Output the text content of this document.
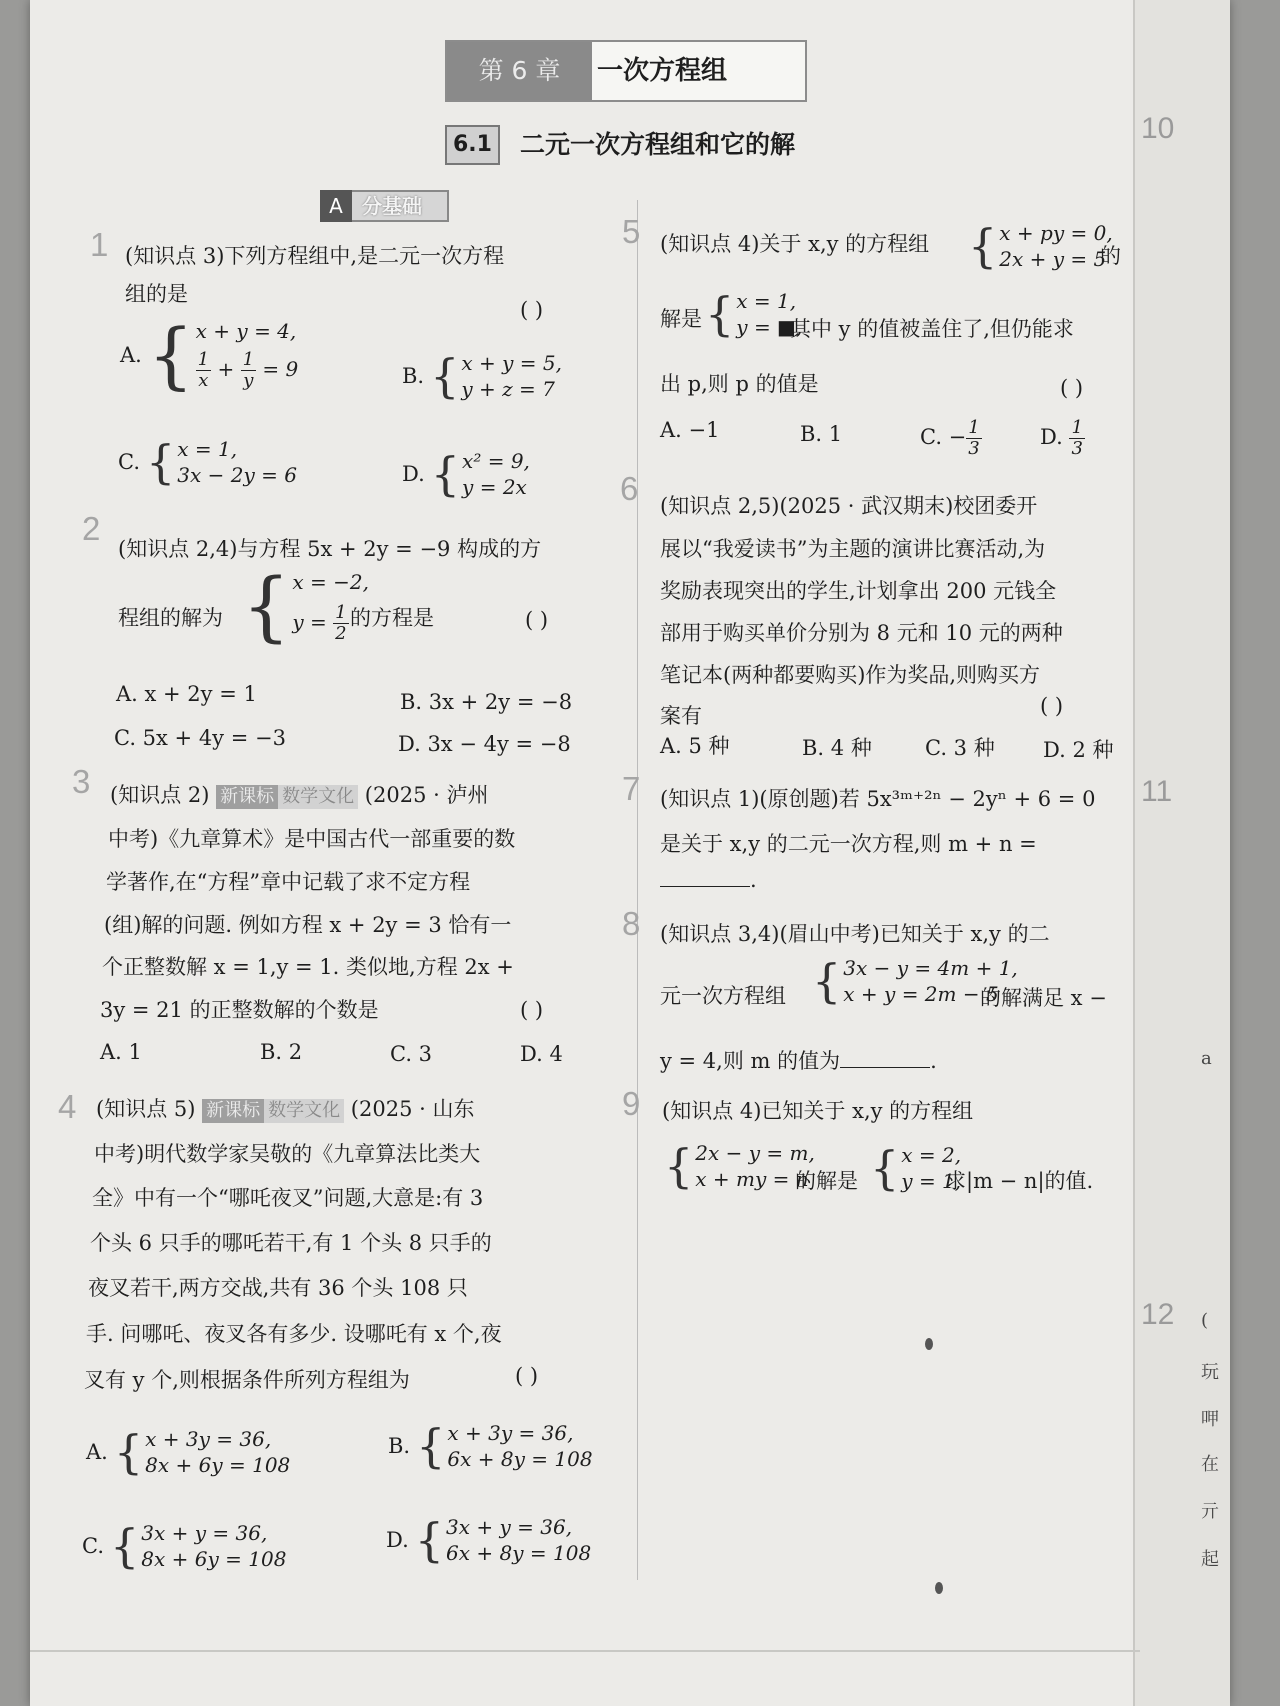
10
11
12
a
(
玩
呷
在
亓
起
第 6 章	一次方程组
6.1	二元一次方程组和它的解
A 分基础
1 (知识点 3)下列方程组中,是二元一次方程
组的是
( )
A. { x + y = 4,
$\frac{1}{x} + \frac{1}{y} = 9$	B. { x + y = 5,
y + z = 7
C. { x = 1,
3x − 2y = 6	D. { x² = 9,
y = 2x
2
(知识点 2,4)与方程 5x + 2y = −9 构成的方
程组的解为 { x = −2,
$y = \frac{1}{2}$ 的方程是	( )
A. x + 2y = 1	B. 3x + 2y = −8
C. 5x + 4y = −3	D. 3x − 4y = −8
3 (知识点 2) 新课标 数学文化 (2025 · 泸州
中考)《九章算术》是中国古代一部重要的数
学著作,在“方程”章中记载了求不定方程
(组)解的问题. 例如方程 x + 2y = 3 恰有一
个正整数解 x = 1,y = 1. 类似地,方程 2x +
3y = 21 的正整数解的个数是	( )
A. 1	B. 2	C. 3	D. 4
4 (知识点 5) 新课标 数学文化 (2025 · 山东
中考)明代数学家吴敬的《九章算法比类大
全》中有一个“哪吒夜叉”问题,大意是:有 3
个头 6 只手的哪吒若干,有 1 个头 8 只手的
夜叉若干,两方交战,共有 36 个头 108 只
手. 问哪吒、夜叉各有多少. 设哪吒有 x 个,夜
叉有 y 个,则根据条件所列方程组为	( )
A. { x + 3y = 36,
8x + 6y = 108
B. { x + 3y = 36,
6x + 8y = 108
C. { 3x + y = 36,
8x + 6y = 108
D. { 3x + y = 36,
6x + 8y = 108
5 (知识点 4)关于 x,y 的方程组 { x + py = 0,
2x + y = 5
的
解是 { x = 1,
y = ■,
其中 y 的值被盖住了,但仍能求
出 p,则 p 的值是	( )
A. −1	B. 1	C. − $\frac{1}{3}$	D. $\frac{1}{3}$
6 (知识点 2,5)(2025 · 武汉期末)校团委开
展以“我爱读书”为主题的演讲比赛活动,为
奖励表现突出的学生,计划拿出 200 元钱全
部用于购买单价分别为 8 元和 10 元的两种
笔记本(两种都要购买)作为奖品,则购买方
案有	( )
A. 5 种	B. 4 种	C. 3 种 D. 2 种
7 (知识点 1)(原创题)若 5x³ᵐ⁺²ⁿ − 2yⁿ + 6 = 0
是关于 x,y 的二元一次方程,则 m + n =
.
8 (知识点 3,4)(眉山中考)已知关于 x,y 的二
元一次方程组 { 3x − y = 4m + 1,
x + y = 2m − 5
的解满足 x −
y = 4,则 m 的值为	.
9 (知识点 4)已知关于 x,y 的方程组
{ 2x − y = m,
x + my = n
的解是 { x = 2,
y = 1,
求|m − n|的值.
